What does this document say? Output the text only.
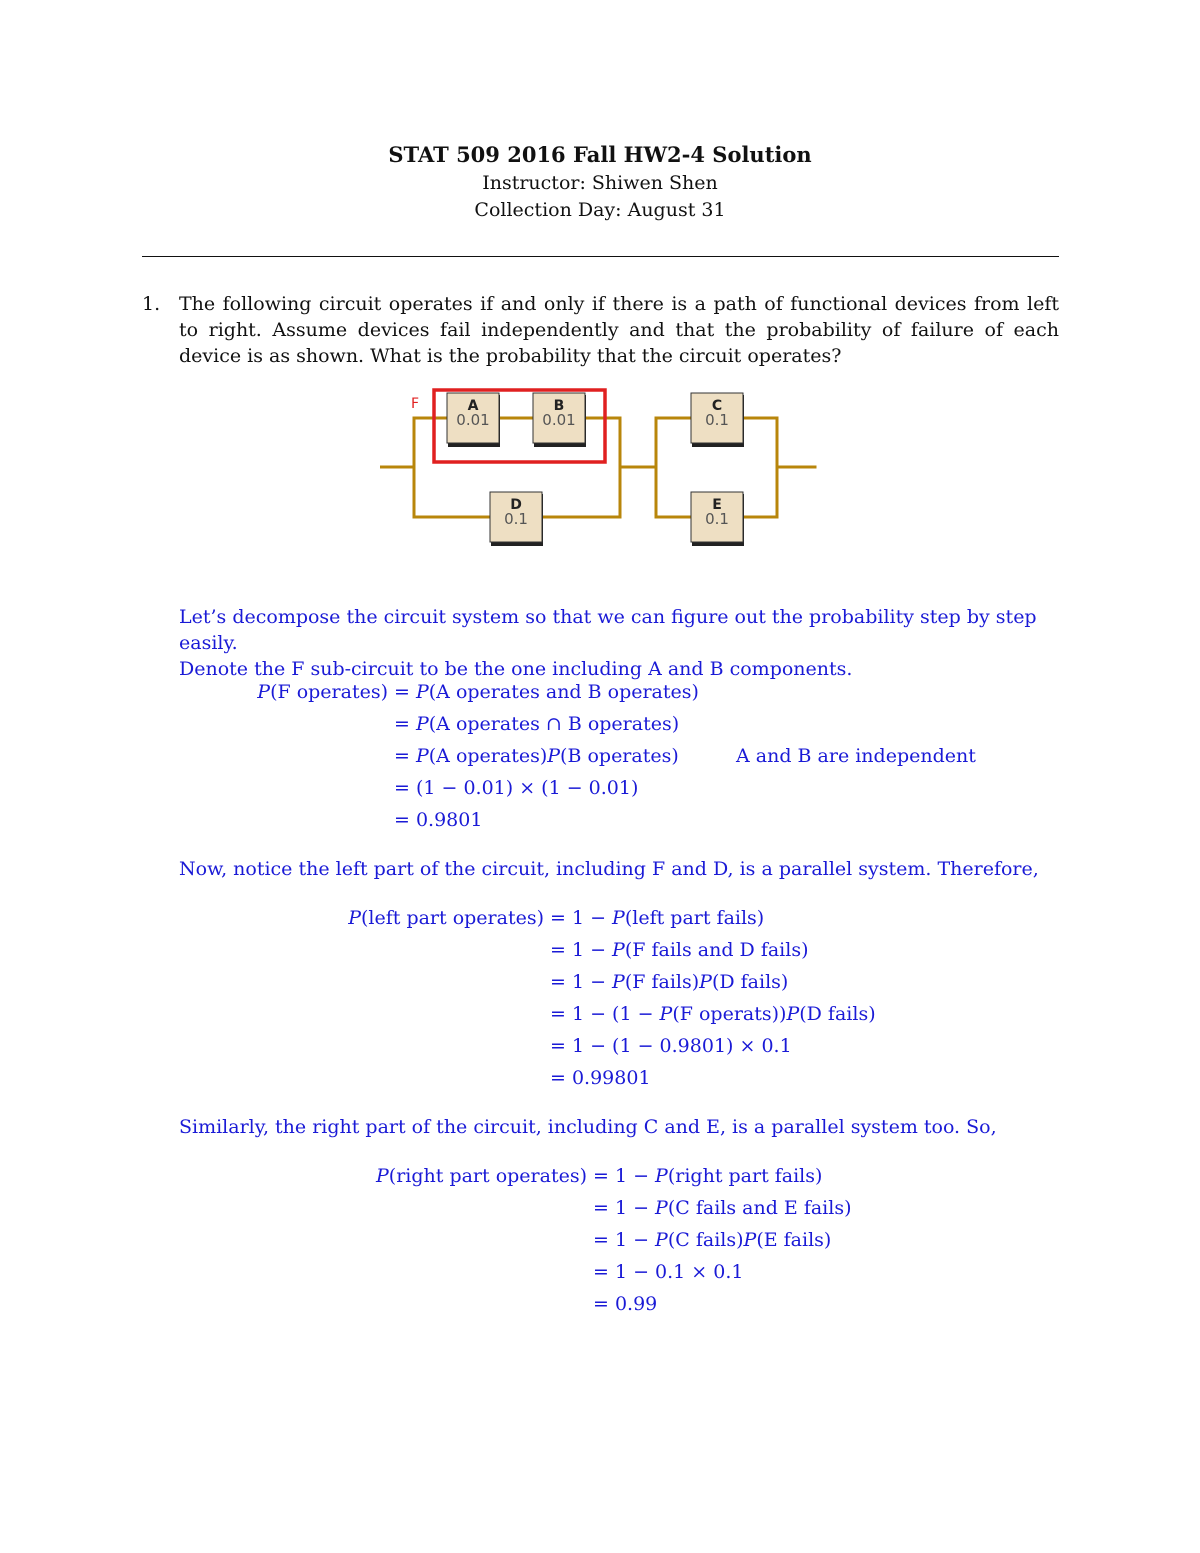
STAT 509 2016 Fall HW2-4 Solution
Instructor: Shiwen Shen
Collection Day: August 31
1. The following circuit operates if and only if there is a path of functional devices from left to right. Assume devices fail independently and that the probability of failure of each device is as shown. What is the probability that the circuit operates?
F	A
0.01
B
0.01
C
0.1
D
0.1
E
0.1
Let’s decompose the circuit system so that we can figure out the probability step by step easily.
Denote the F sub-circuit to be the one including A and B components.
P(F operates) = P(A operates and B operates)
= P(A operates ∩ B operates)
= P(A operates)P(B operates)	A and B are independent
= (1 − 0.01) × (1 − 0.01)
= 0.9801
Now, notice the left part of the circuit, including F and D, is a parallel system. Therefore,
P(left part operates) = 1 − P(left part fails)
= 1 − P(F fails and D fails)
= 1 − P(F fails)P(D fails)
= 1 − (1 − P(F operats))P(D fails)
= 1 − (1 − 0.9801) × 0.1
= 0.99801
Similarly, the right part of the circuit, including C and E, is a parallel system too. So,
P(right part operates) = 1 − P(right part fails)
= 1 − P(C fails and E fails)
= 1 − P(C fails)P(E fails)
= 1 − 0.1 × 0.1
= 0.99
